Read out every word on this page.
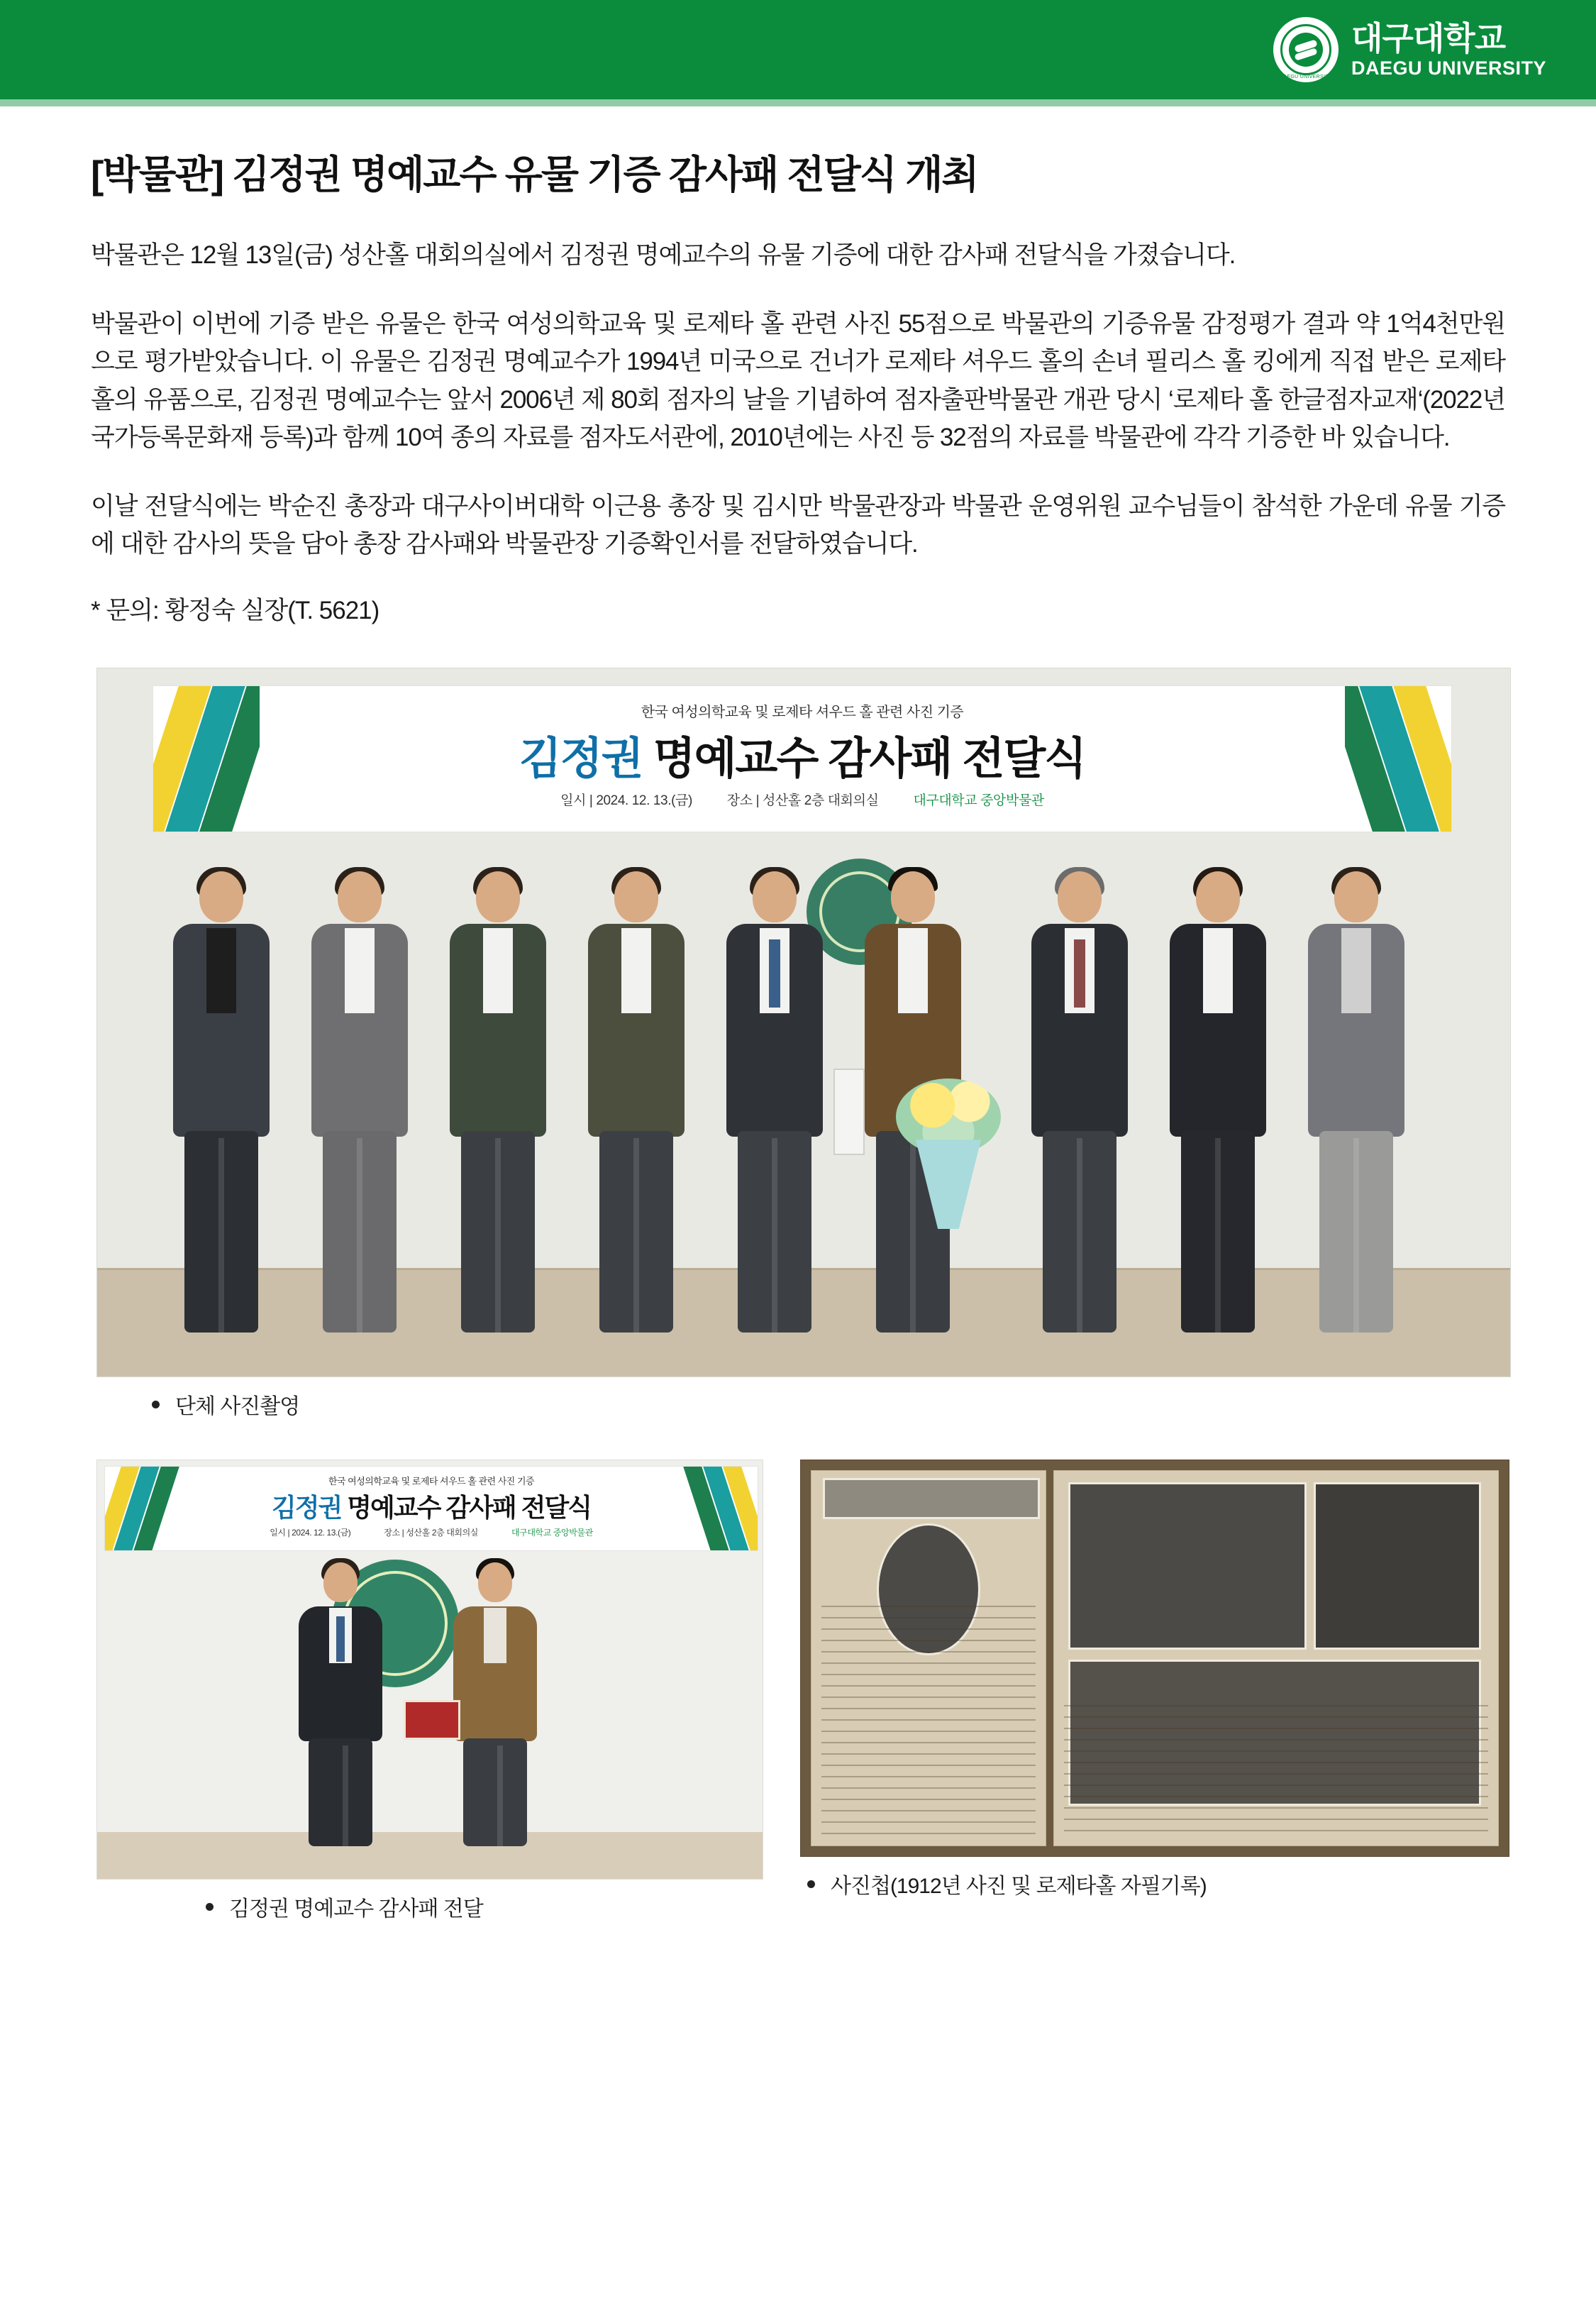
DAEGU UNIVERSITY
대구대학교
DAEGU UNIVERSITY
[박물관] 김정권 명예교수 유물 기증 감사패 전달식 개최

박물관은 12월 13일(금) 성산홀 대회의실에서 김정권 명예교수의 유물 기증에 대한 감사패 전달식을 가졌습니다.

박물관이 이번에 기증 받은 유물은 한국 여성의학교육 및 로제타 홀 관련 사진 55점으로 박물관의 기증유물 감정평가 결과 약 1억4천만원으로 평가받았습니다. 이 유물은 김정권 명예교수가 1994년 미국으로 건너가 로제타 셔우드 홀의 손녀 필리스 홀 킹에게 직접 받은 로제타 홀의 유품으로, 김정권 명예교수는 앞서 2006년 제 80회 점자의 날을 기념하여 점자출판박물관 개관 당시 ‘로제타 홀 한글점자교재‘(2022년 국가등록문화재 등록)과 함께 10여 종의 자료를 점자도서관에, 2010년에는 사진 등 32점의 자료를 박물관에 각각 기증한 바 있습니다.

이날 전달식에는 박순진 총장과 대구사이버대학 이근용 총장 및 김시만 박물관장과 박물관 운영위원 교수님들이 참석한 가운데 유물 기증에 대한 감사의 뜻을 담아 총장 감사패와 박물관장 기증확인서를 전달하였습니다.

* 문의: 황정숙 실장(T. 5621)

한국 여성의학교육 및 로제타 셔우드 홀 관련 사진 기증
김정권 명예교수 감사패 전달식
일시 | 2024. 12. 13.(금)	장소 | 성산홀 2층 대회의실	대구대학교 중앙박물관
단체 사진촬영
한국 여성의학교육 및 로제타 셔우드 홀 관련 사진 기증
김정권 명예교수 감사패 전달식
일시 | 2024. 12. 13.(금)	장소 | 성산홀 2층 대회의실	대구대학교 중앙박물관
김정권 명예교수 감사패 전달
사진첩(1912년 사진 및 로제타홀 자필기록)
